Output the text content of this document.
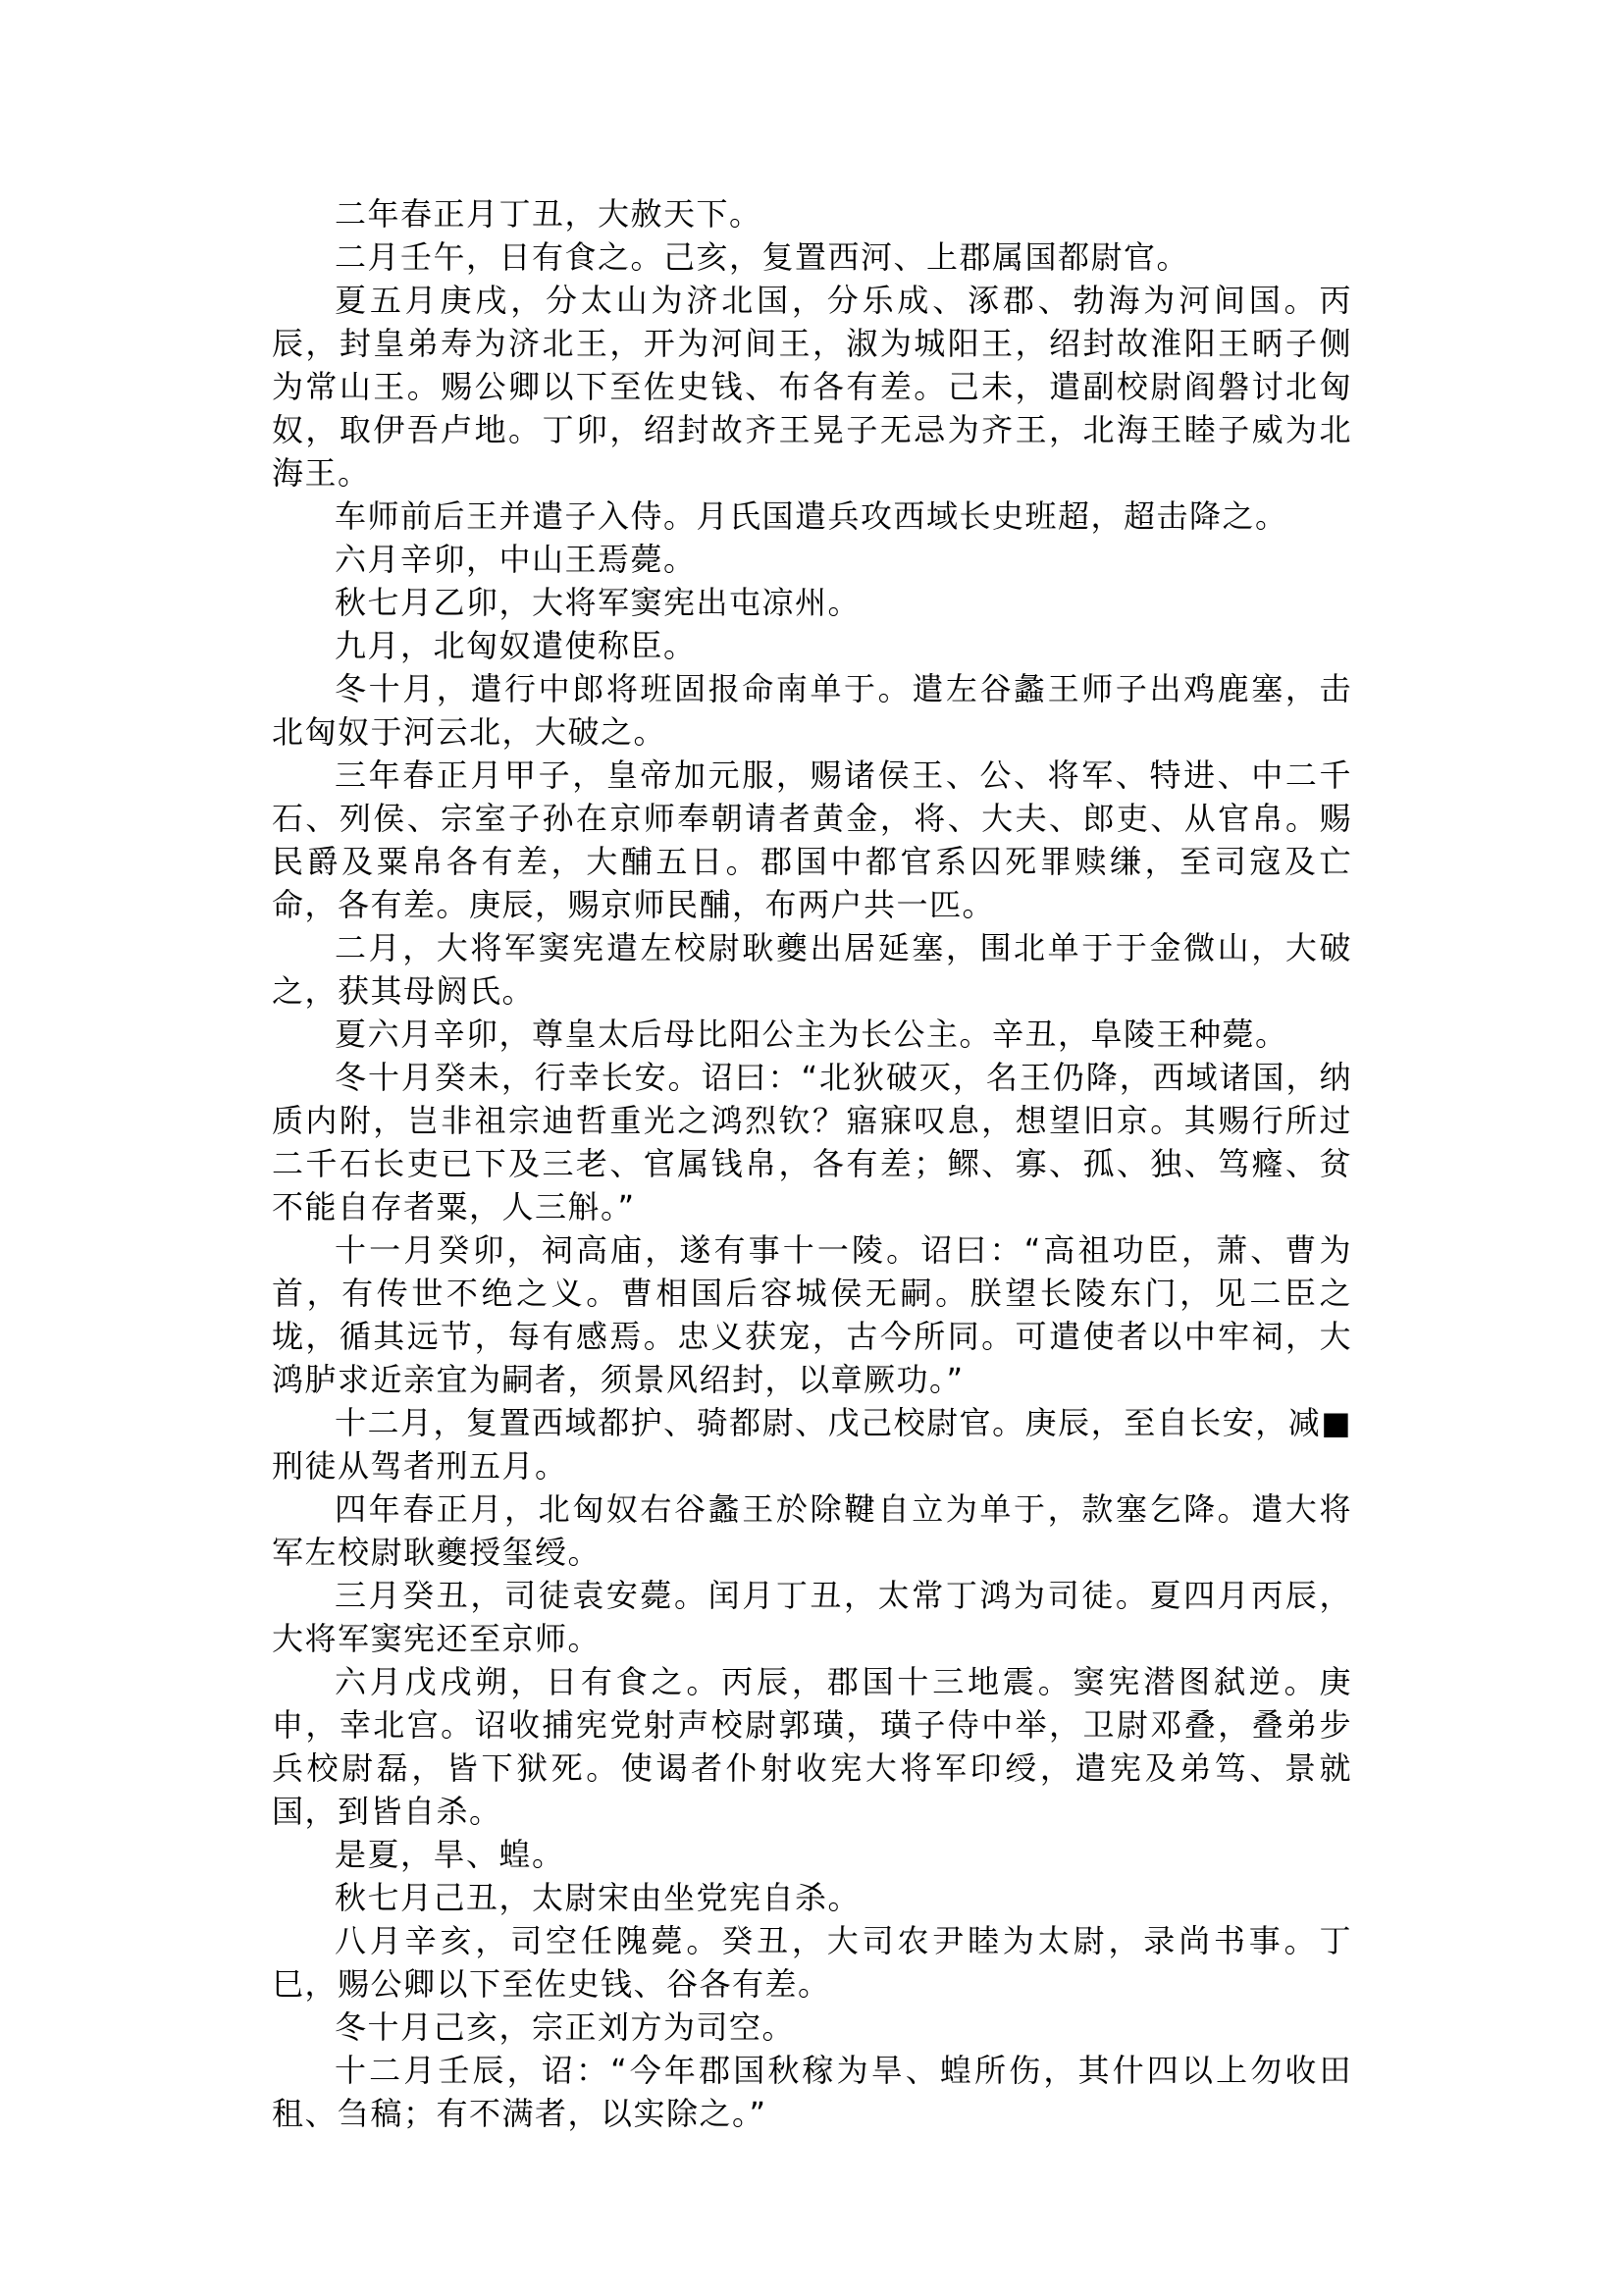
二年春正月丁丑，大赦天下。

二月壬午，日有食之。己亥，复置西河、上郡属国都尉官。

夏五月庚戌，分太山为济北国，分乐成、涿郡、勃海为河间国。丙辰，封皇弟寿为济北王，开为河间王，淑为城阳王，绍封故淮阳王昞子侧为常山王。赐公卿以下至佐史钱、布各有差。己未，遣副校尉阎磐讨北匈奴，取伊吾卢地。丁卯，绍封故齐王晃子无忌为齐王，北海王睦子威为北海王。

车师前后王并遣子入侍。月氏国遣兵攻西域长史班超，超击降之。

六月辛卯，中山王焉薨。

秋七月乙卯，大将军窦宪出屯凉州。

九月，北匈奴遣使称臣。

冬十月，遣行中郎将班固报命南单于。遣左谷蠡王师子出鸡鹿塞，击北匈奴于河云北，大破之。

三年春正月甲子，皇帝加元服，赐诸侯王、公、将军、特进、中二千石、列侯、宗室子孙在京师奉朝请者黄金，将、大夫、郎吏、从官帛。赐民爵及粟帛各有差，大酺五日。郡国中都官系囚死罪赎缣，至司寇及亡命，各有差。庚辰，赐京师民酺，布两户共一匹。

二月，大将军窦宪遣左校尉耿夔出居延塞，围北单于于金微山，大破之，获其母阏氏。

夏六月辛卯，尊皇太后母比阳公主为长公主。辛丑，阜陵王种薨。

冬十月癸未，行幸长安。诏曰：“北狄破灭，名王仍降，西域诸国，纳质内附，岂非祖宗迪哲重光之鸿烈钦？寤寐叹息，想望旧京。其赐行所过二千石长吏已下及三老、官属钱帛，各有差；鳏、寡、孤、独、笃癃、贫不能自存者粟，人三斛。”

十一月癸卯，祠高庙，遂有事十一陵。诏曰：“高祖功臣，萧、曹为首，有传世不绝之义。曹相国后容城侯无嗣。朕望长陵东门，见二臣之垅，循其远节，每有感焉。忠义获宠，古今所同。可遣使者以中牢祠，大鸿胪求近亲宜为嗣者，须景风绍封，以章厥功。”

十二月，复置西域都护、骑都尉、戊己校尉官。庚辰，至自长安，减■刑徒从驾者刑五月。

四年春正月，北匈奴右谷蠡王於除鞬自立为单于，款塞乞降。遣大将军左校尉耿夔授玺绶。

三月癸丑，司徒袁安薨。闰月丁丑，太常丁鸿为司徒。夏四月丙辰，大将军窦宪还至京师。

六月戊戌朔，日有食之。丙辰，郡国十三地震。窦宪潜图弑逆。庚申，幸北宫。诏收捕宪党射声校尉郭璜，璜子侍中举，卫尉邓叠，叠弟步兵校尉磊，皆下狱死。使谒者仆射收宪大将军印绶，遣宪及弟笃、景就国，到皆自杀。

是夏，旱、蝗。

秋七月己丑，太尉宋由坐党宪自杀。

八月辛亥，司空任隗薨。癸丑，大司农尹睦为太尉，录尚书事。丁巳，赐公卿以下至佐史钱、谷各有差。

冬十月己亥，宗正刘方为司空。

十二月壬辰，诏：“今年郡国秋稼为旱、蝗所伤，其什四以上勿收田租、刍稿；有不满者，以实除之。”
